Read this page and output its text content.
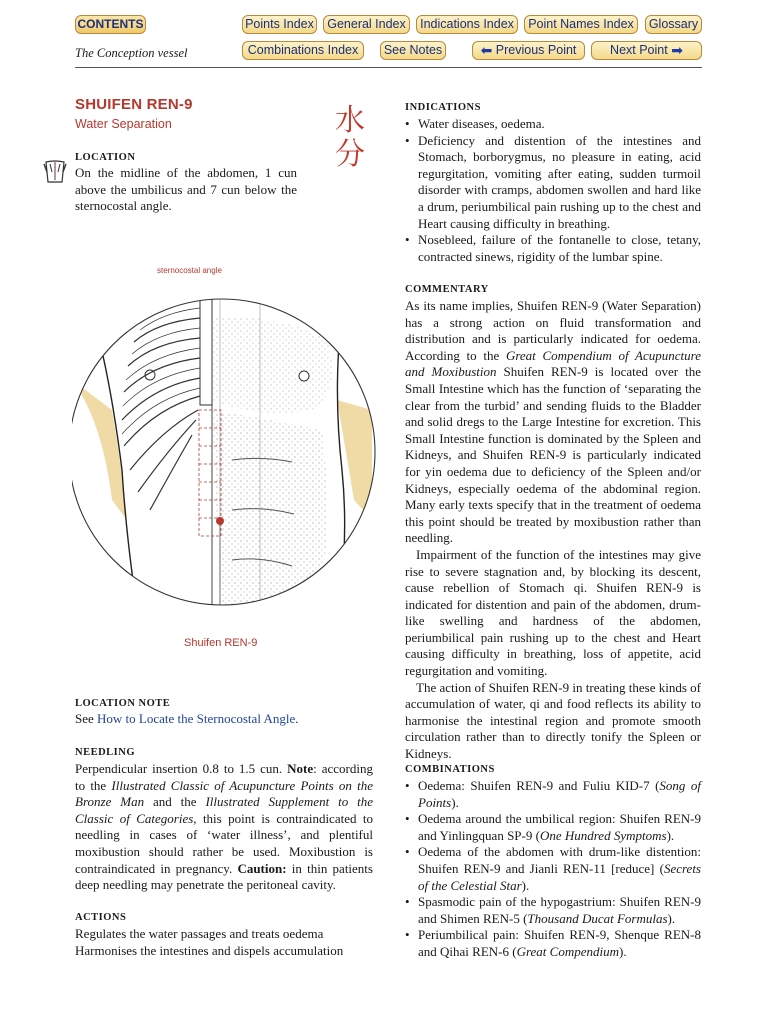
CONTENTS	Points Index	General Index	Indications Index	Point Names Index	Glossary
The Conception vessel	Combinations Index	See Notes	⬅ Previous Point	Next Point ➡
SHUIFEN REN-9
Water Separation	水
分
LOCATION
On the midline of the abdomen, 1 cun above the umbilicus and 7 cun below the sternocostal angle.
sternocostal angle
Shuifen REN-9
LOCATION NOTE
See How to Locate the Sternocostal Angle.
NEEDLING
Perpendicular insertion 0.8 to 1.5 cun. Note: according to the Illustrated Classic of Acupuncture Points on the Bronze Man and the Illustrated Supplement to the Classic of Categories, this point is contraindicated to needling in cases of ‘water illness’, and plentiful moxibustion should rather be used. Moxibustion is contraindicated in pregnancy. Caution: in thin patients deep needling may penetrate the peritoneal cavity.
ACTIONS
Regulates the water passages and treats oedema
Harmonises the intestines and dispels accumulation
INDICATIONS
• Water diseases, oedema.
• Deficiency and distention of the intestines and Stomach, borborygmus, no pleasure in eating, acid regurgitation, vomiting after eating, sudden turmoil disorder with cramps, abdomen swollen and hard like a drum, periumbilical pain rushing up to the chest and Heart causing difficulty in breathing.
• Nosebleed, failure of the fontanelle to close, tetany, contracted sinews, rigidity of the lumbar spine.
COMMENTARY

As its name implies, Shuifen REN-9 (Water Separation) has a strong action on fluid transformation and distribution and is particularly indicated for oedema. According to the Great Compendium of Acupuncture and Moxibustion Shuifen REN-9 is located over the Small Intestine which has the function of ‘separating the clear from the turbid’ and sending fluids to the Bladder and solid dregs to the Large Intestine for excretion. This Small Intestine function is dominated by the Spleen and Kidneys, and Shuifen REN-9 is particularly indicated for yin oedema due to deficiency of the Spleen and/or Kidneys, especially oedema of the abdominal region. Many early texts specify that in the treatment of oedema this point should be treated by moxibustion rather than needling.

Impairment of the function of the intestines may give rise to severe stagnation and, by blocking its descent, cause rebellion of Stomach qi. Shuifen REN-9 is indicated for distention and pain of the abdomen, drum-like swelling and hardness of the abdomen, periumbilical pain rushing up to the chest and Heart causing difficulty in breathing, loss of appetite, acid regurgitation and vomiting.

The action of Shuifen REN-9 in treating these kinds of accumulation of water, qi and food reflects its ability to harmonise the intestinal region and promote smooth circulation rather than to directly tonify the Spleen or Kidneys.

COMBINATIONS
• Oedema: Shuifen REN-9 and Fuliu KID-7 (Song of Points).
• Oedema around the umbilical region: Shuifen REN-9 and Yinlingquan SP-9 (One Hundred Symptoms).
• Oedema of the abdomen with drum-like distention: Shuifen REN-9 and Jianli REN-11 [reduce] (Secrets of the Celestial Star).
• Spasmodic pain of the hypogastrium: Shuifen REN-9 and Shimen REN-5 (Thousand Ducat Formulas).
• Periumbilical pain: Shuifen REN-9, Shenque REN-8 and Qihai REN-6 (Great Compendium).
